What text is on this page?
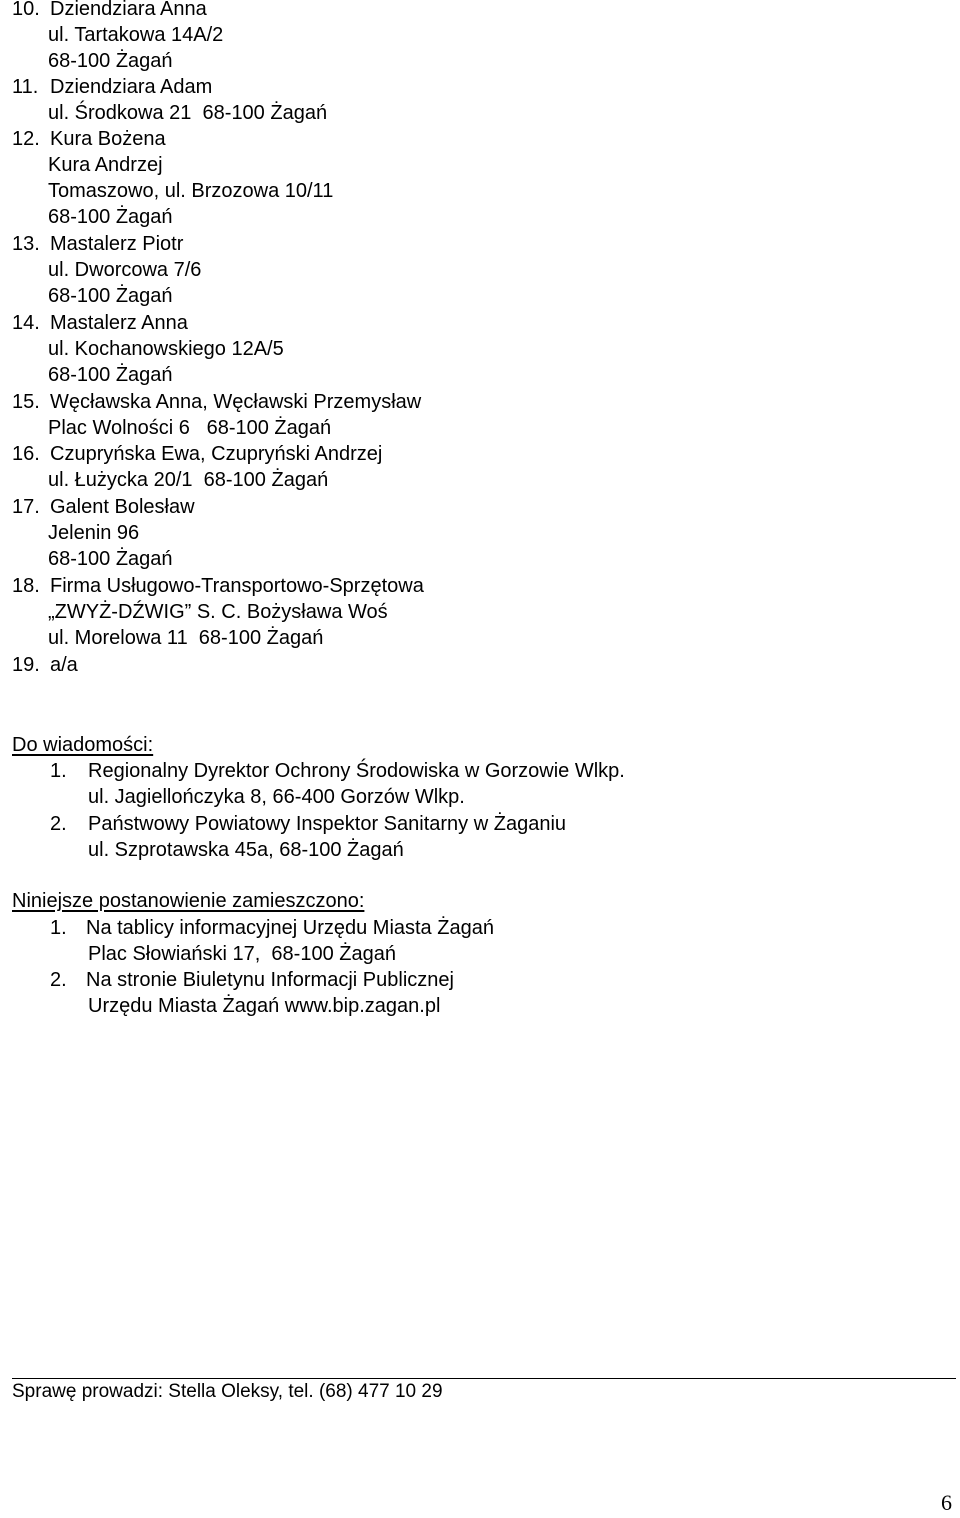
10. Dziendziara Anna
ul. Tartakowa 14A/2
68-100 Żagań
11. Dziendziara Adam
ul. Środkowa 21  68-100 Żagań
12. Kura Bożena
Kura Andrzej
Tomaszowo, ul. Brzozowa 10/11
68-100 Żagań
13. Mastalerz Piotr
ul. Dworcowa 7/6
68-100 Żagań
14. Mastalerz Anna
ul. Kochanowskiego 12A/5
68-100 Żagań
15. Węcławska Anna, Węcławski Przemysław
Plac Wolności 6   68-100 Żagań
16. Czupryńska Ewa, Czupryński Andrzej
ul. Łużycka 20/1  68-100 Żagań
17. Galent Bolesław
Jelenin 96
68-100 Żagań
18. Firma Usługowo-Transportowo-Sprzętowa
„ZWYŻ-DŹWIG” S. C. Bożysława Woś
ul. Morelowa 11  68-100 Żagań
19. a/a
Do wiadomości:
1. Regionalny Dyrektor Ochrony Środowiska w Gorzowie Wlkp.
ul. Jagiellończyka 8, 66-400 Gorzów Wlkp.
2. Państwowy Powiatowy Inspektor Sanitarny w Żaganiu
ul. Szprotawska 45a, 68-100 Żagań
Niniejsze postanowienie zamieszczono:
1. Na tablicy informacyjnej Urzędu Miasta Żagań
Plac Słowiański 17,  68-100 Żagań
2. Na stronie Biuletynu Informacji Publicznej
Urzędu Miasta Żagań www.bip.zagan.pl
Sprawę prowadzi: Stella Oleksy, tel. (68) 477 10 29
6
